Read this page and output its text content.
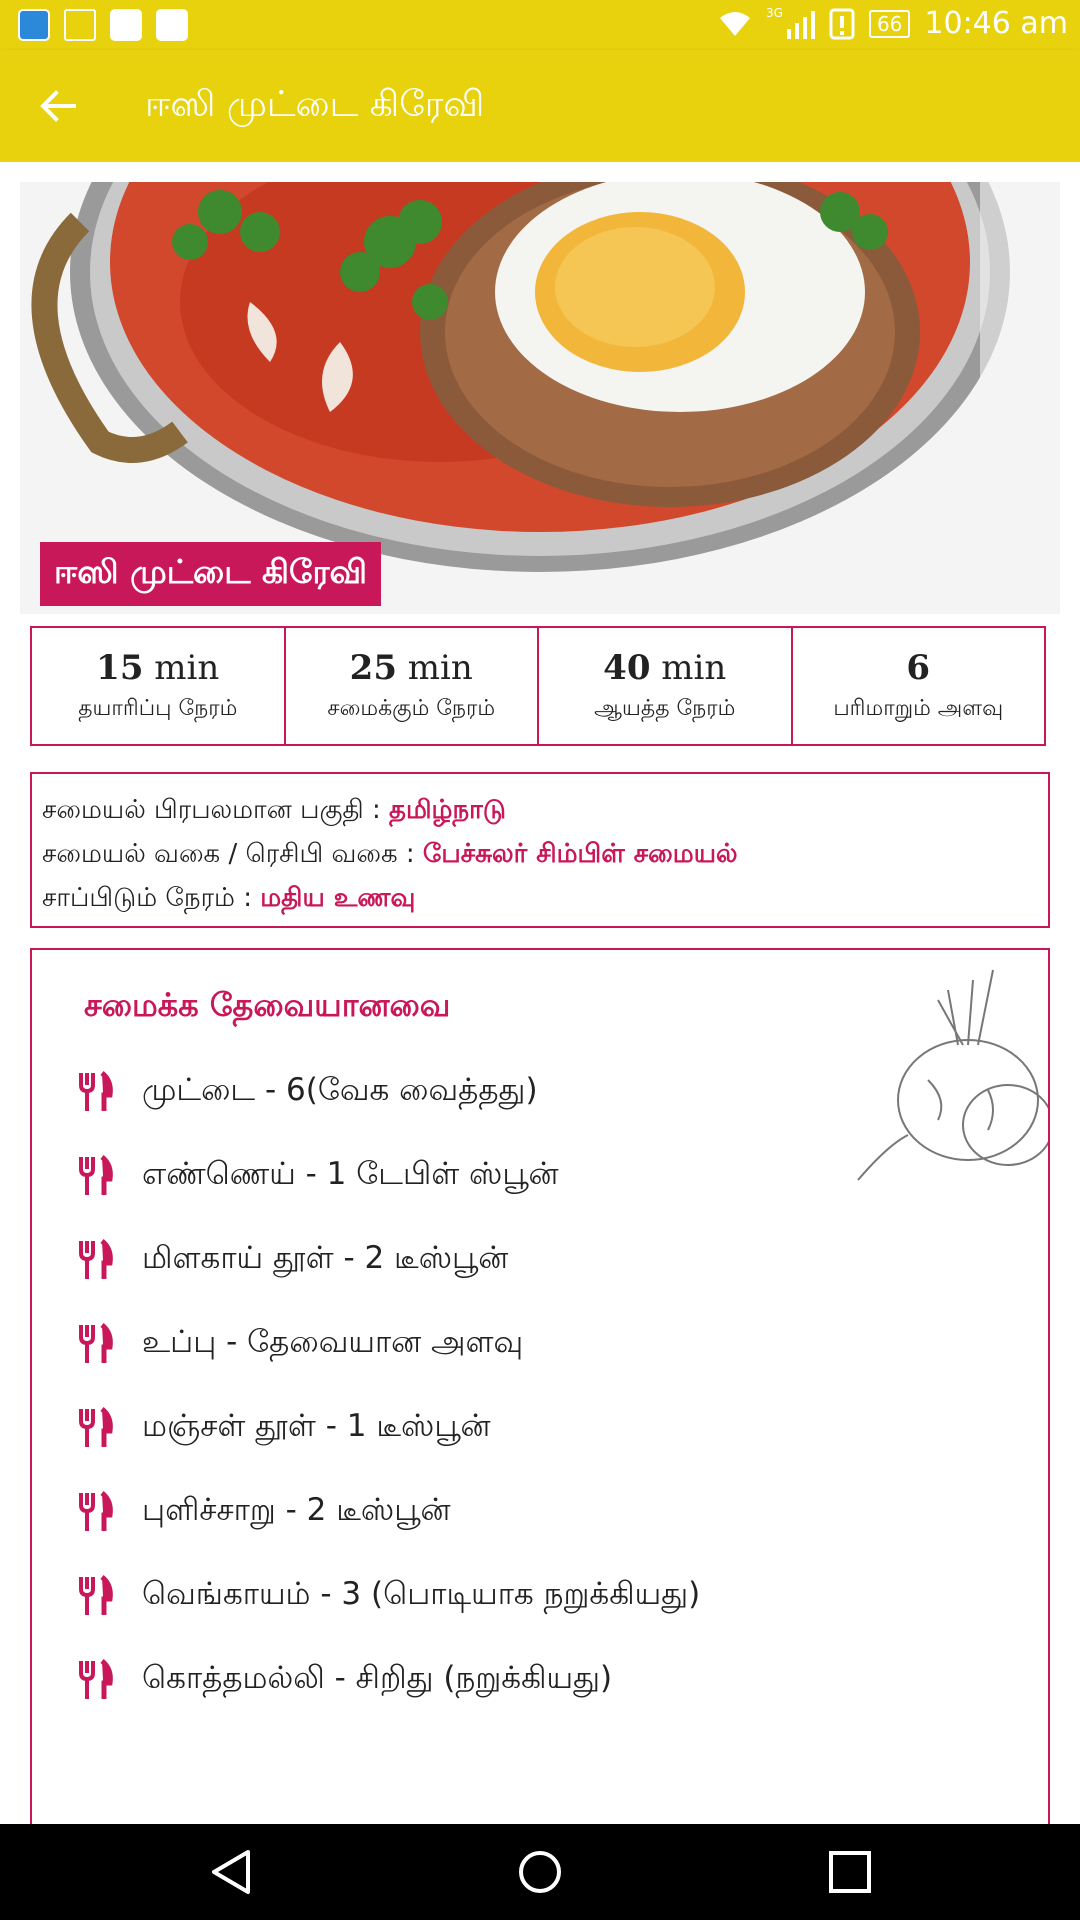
3G	66 10:46 am
ஈஸி முட்டை கிரேவி
ஈஸி முட்டை கிரேவி
15 min
தயாரிப்பு நேரம்
25 min
சமைக்கும் நேரம்
40 min
ஆயத்த நேரம்
6
பரிமாறும் அளவு
சமையல் பிரபலமான பகுதி : தமிழ்நாடு
சமையல் வகை / ரெசிபி வகை : பேச்சுலர் சிம்பிள் சமையல்
சாப்பிடும் நேரம் : மதிய உணவு
சமைக்க தேவையானவை
முட்டை - 6(வேக வைத்தது)
எண்ணெய் - 1 டேபிள் ஸ்பூன்
மிளகாய் தூள் - 2 டீஸ்பூன்
உப்பு - தேவையான அளவு
மஞ்சள் தூள் - 1 டீஸ்பூன்
புளிச்சாறு - 2 டீஸ்பூன்
வெங்காயம் - 3 (பொடியாக நறுக்கியது)
கொத்தமல்லி - சிறிது (நறுக்கியது)
